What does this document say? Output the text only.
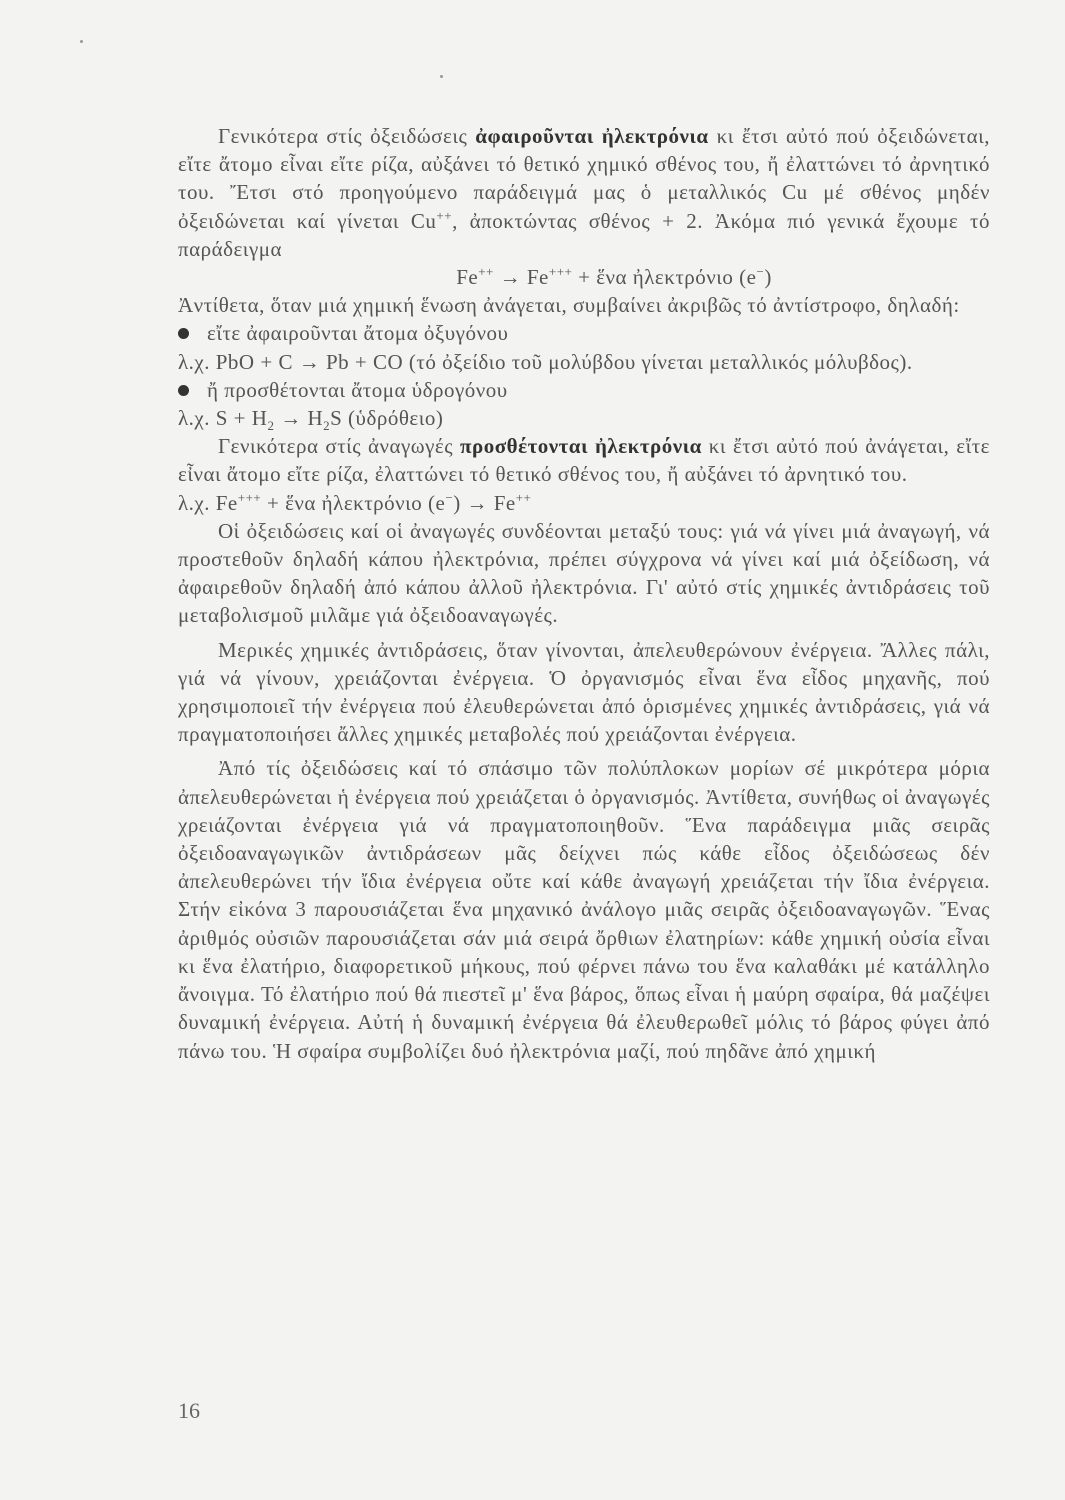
Γενικότερα στίς ὀξειδώσεις ἀφαιροῦνται ἠλεκτρόνια κι ἔτσι αὐτό πού ὀξειδώνεται, εἴτε ἄτομο εἶναι εἴτε ρίζα, αὐξάνει τό θετικό χημικό σθένος του, ἤ ἐλαττώνει τό ἀρνητικό του. Ἔτσι στό προηγούμενο παράδειγμά μας ὁ μεταλλικός Cu μέ σθένος μηδέν ὀξειδώνεται καί γίνεται Cu++, ἀποκτώντας σθένος + 2. Ἀκόμα πιό γενικά ἔχουμε τό παράδειγμα

Fe++ → Fe+++ + ἕνα ἠλεκτρόνιο (e−)

Ἀντίθετα, ὅταν μιά χημική ἕνωση ἀνάγεται, συμβαίνει ἀκριβῶς τό ἀντίστροφο, δηλαδή:

εἴτε ἀφαιροῦνται ἄτομα ὀξυγόνου

λ.χ. PbO + C → Pb + CO (τό ὀξείδιο τοῦ μολύβδου γίνεται μεταλλικός μόλυβδος).

ἤ προσθέτονται ἄτομα ὑδρογόνου

λ.χ. $S + H_2 \to H_2S$ (ὑδρόθειο)

Γενικότερα στίς ἀναγωγές προσθέτονται ἠλεκτρόνια κι ἔτσι αὐτό πού ἀνάγεται, εἴτε εἶναι ἄτομο εἴτε ρίζα, ἐλαττώνει τό θετικό σθένος του, ἤ αὐξάνει τό ἀρνητικό του.

λ.χ. Fe+++ + ἕνα ἠλεκτρόνιο (e−) → Fe++

Οἱ ὀξειδώσεις καί οἱ ἀναγωγές συνδέονται μεταξύ τους: γιά νά γίνει μιά ἀναγωγή, νά προστεθοῦν δηλαδή κάπου ἠλεκτρόνια, πρέπει σύγχρονα νά γίνει καί μιά ὀξείδωση, νά ἀφαιρεθοῦν δηλαδή ἀπό κάπου ἀλλοῦ ἠλεκτρόνια. Γι' αὐτό στίς χημικές ἀντιδράσεις τοῦ μεταβολισμοῦ μιλᾶμε γιά ὀξειδοαναγωγές.

Μερικές χημικές ἀντιδράσεις, ὅταν γίνονται, ἀπελευθερώνουν ἐνέργεια. Ἄλλες πάλι, γιά νά γίνουν, χρειάζονται ἐνέργεια. Ὁ ὀργανισμός εἶναι ἕνα εἶδος μηχανῆς, πού χρησιμοποιεῖ τήν ἐνέργεια πού ἐλευθερώνεται ἀπό ὁρισμένες χημικές ἀντιδράσεις, γιά νά πραγματοποιήσει ἄλλες χημικές μεταβολές πού χρειάζονται ἐνέργεια.

Ἀπό τίς ὀξειδώσεις καί τό σπάσιμο τῶν πολύπλοκων μορίων σέ μικρότερα μόρια ἀπελευθερώνεται ἡ ἐνέργεια πού χρειάζεται ὁ ὀργανισμός. Ἀντίθετα, συνήθως οἱ ἀναγωγές χρειάζονται ἐνέργεια γιά νά πραγματοποιηθοῦν. Ἕνα παράδειγμα μιᾶς σειρᾶς ὀξειδοαναγωγικῶν ἀντιδράσεων μᾶς δείχνει πώς κάθε εἶδος ὀξειδώσεως δέν ἀπελευθερώνει τήν ἴδια ἐνέργεια οὔτε καί κάθε ἀναγωγή χρειάζεται τήν ἴδια ἐνέργεια. Στήν εἰκόνα 3 παρουσιάζεται ἕνα μηχανικό ἀνάλογο μιᾶς σειρᾶς ὀξειδοαναγωγῶν. Ἕνας ἀριθμός οὐσιῶν παρουσιάζεται σάν μιά σειρά ὄρθιων ἐλατηρίων: κάθε χημική οὐσία εἶναι κι ἕνα ἐλατήριο, διαφορετικοῦ μήκους, πού φέρνει πάνω του ἕνα καλαθάκι μέ κατάλληλο ἄνοιγμα. Τό ἐλατήριο πού θά πιεστεῖ μ' ἕνα βάρος, ὅπως εἶναι ἡ μαύρη σφαίρα, θά μαζέψει δυναμική ἐνέργεια. Αὐτή ἡ δυναμική ἐνέργεια θά ἐλευθερωθεῖ μόλις τό βάρος φύγει ἀπό πάνω του. Ἡ σφαίρα συμβολίζει δυό ἠλεκτρόνια μαζί, πού πηδᾶνε ἀπό χημική

16
